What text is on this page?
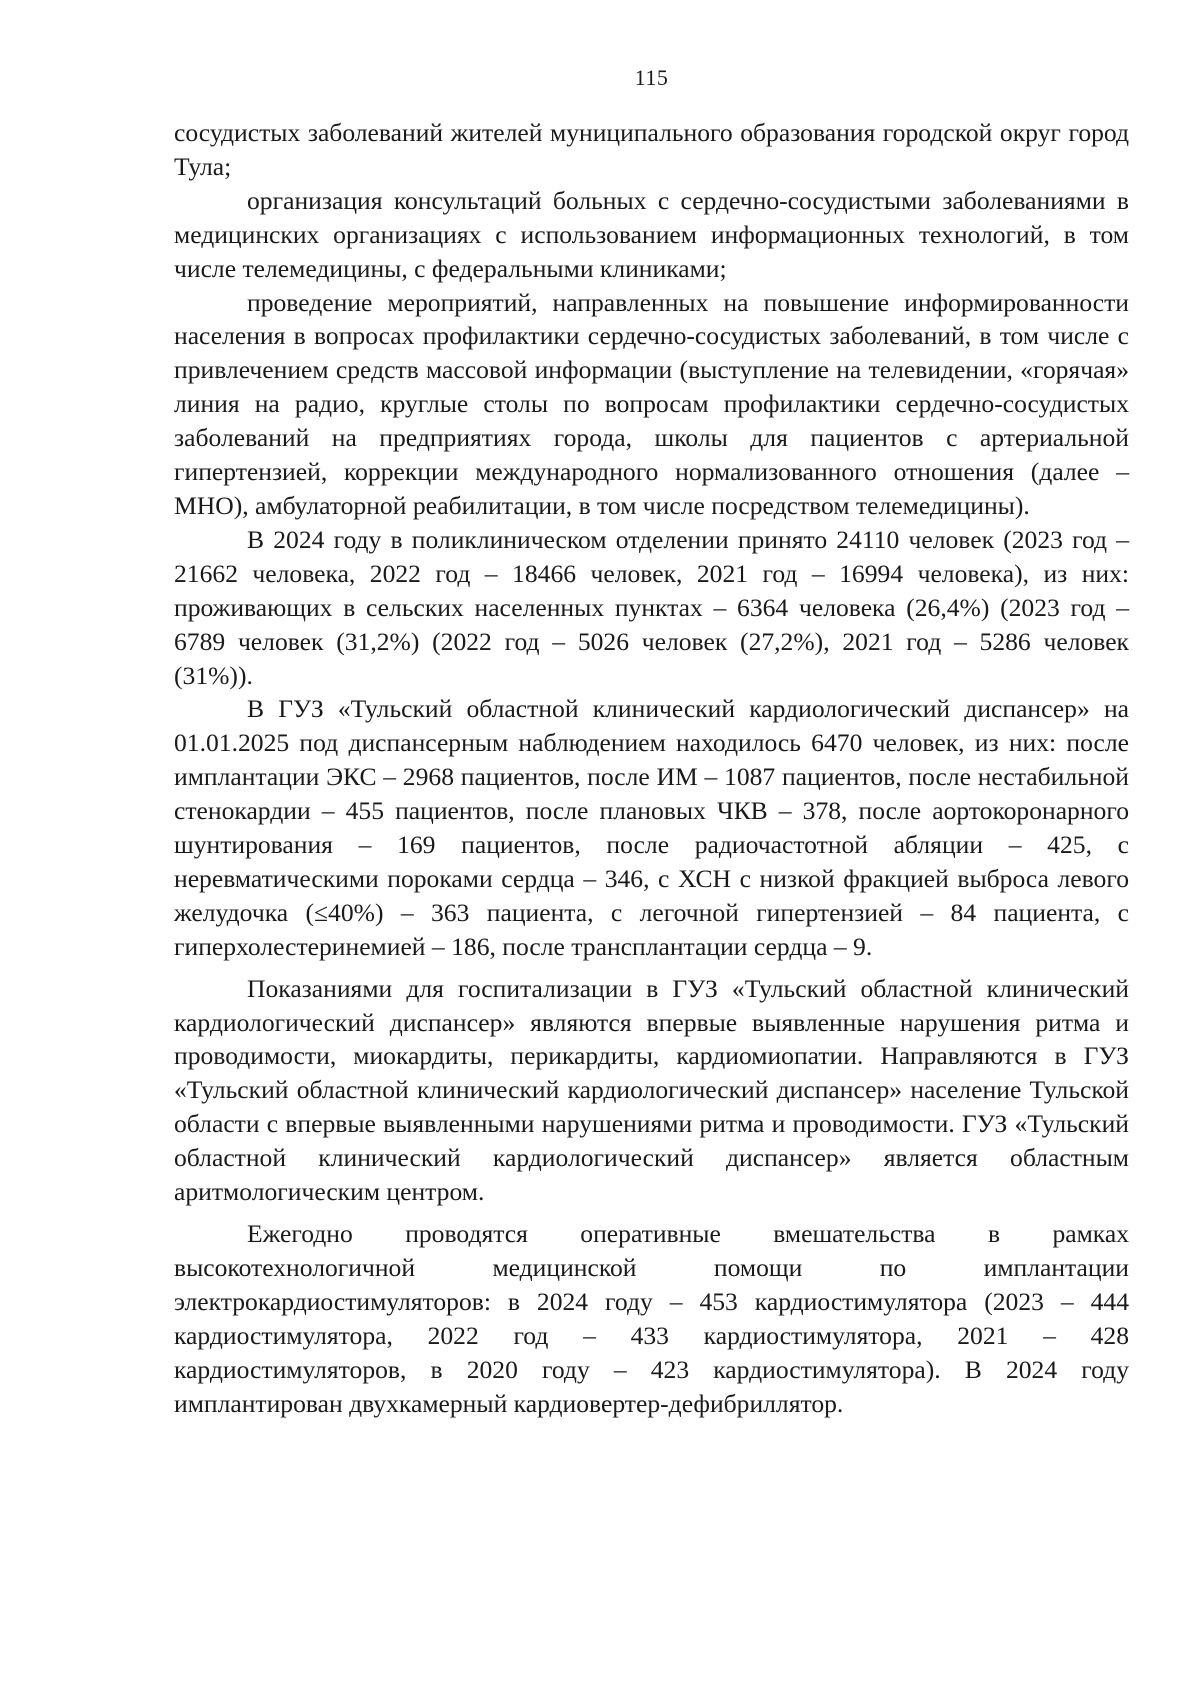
115

сосудистых заболеваний жителей муниципального образования городской округ город Тула;

организация консультаций больных с сердечно-сосудистыми заболеваниями в медицинских организациях с использованием информационных технологий, в том числе телемедицины, с федеральными клиниками;

проведение мероприятий, направленных на повышение информированности населения в вопросах профилактики сердечно-сосудистых заболеваний, в том числе с привлечением средств массовой информации (выступление на телевидении, «горячая» линия на радио, круглые столы по вопросам профилактики сердечно-сосудистых заболеваний на предприятиях города, школы для пациентов с артериальной гипертензией, коррекции международного нормализованного отношения (далее – МНО), амбулаторной реабилитации, в том числе посредством телемедицины).

В 2024 году в поликлиническом отделении принято 24110 человек (2023 год – 21662 человека, 2022 год – 18466 человек, 2021 год – 16994 человека), из них: проживающих в сельских населенных пунктах – 6364 человека (26,4%) (2023 год – 6789 человек (31,2%) (2022 год – 5026 человек (27,2%), 2021 год – 5286 человек (31%)).

В ГУЗ «Тульский областной клинический кардиологический диспансер» на 01.01.2025 под диспансерным наблюдением находилось 6470 человек, из них: после имплантации ЭКС – 2968 пациентов, после ИМ – 1087 пациентов, после нестабильной стенокардии – 455 пациентов, после плановых ЧКВ – 378, после аортокоронарного шунтирования – 169 пациентов, после радиочастотной абляции – 425, с неревматическими пороками сердца – 346, с ХСН с низкой фракцией выброса левого желудочка (≤40%) – 363 пациента, с легочной гипертензией – 84 пациента, с гиперхолестеринемией – 186, после трансплантации сердца – 9.

Показаниями для госпитализации в ГУЗ «Тульский областной клинический кардиологический диспансер» являются впервые выявленные нарушения ритма и проводимости, миокардиты, перикардиты, кардиомиопатии. Направляются в ГУЗ «Тульский областной клинический кардиологический диспансер» население Тульской области с впервые выявленными нарушениями ритма и проводимости. ГУЗ «Тульский областной клинический кардиологический диспансер» является областным аритмологическим центром.

Ежегодно проводятся оперативные вмешательства в рамках высокотехнологичной медицинской помощи по имплантации электрокардиостимуляторов: в 2024 году – 453 кардиостимулятора (2023 – 444 кардиостимулятора, 2022 год – 433 кардиостимулятора, 2021 – 428 кардиостимуляторов, в 2020 году – 423 кардиостимулятора). В 2024 году имплантирован двухкамерный кардиовертер-дефибриллятор.
